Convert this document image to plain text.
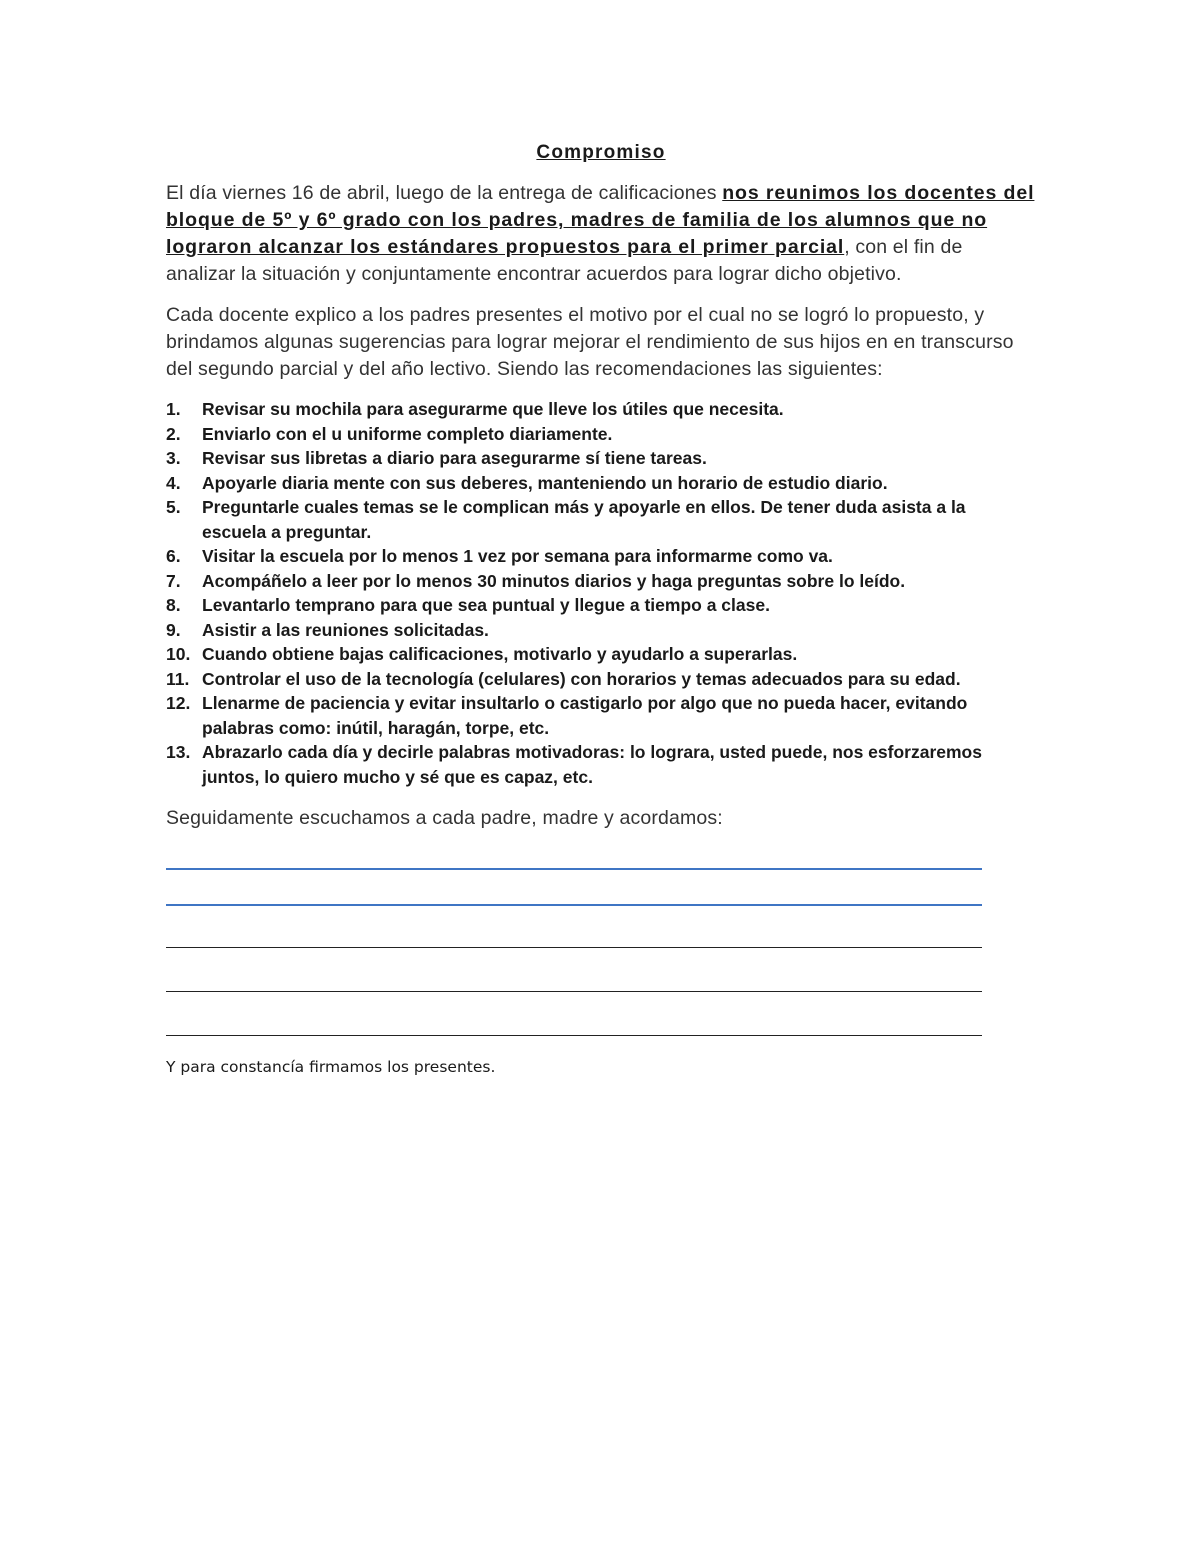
Compromiso

El día viernes 16 de abril, luego de la entrega de calificaciones nos reunimos los docentes del bloque de 5º y 6º grado con los padres, madres de familia de los alumnos que no lograron alcanzar los estándares propuestos para el primer parcial, con el fin de analizar la situación y conjuntamente encontrar acuerdos para lograr dicho objetivo.

Cada docente explico a los padres presentes el motivo por el cual no se logró lo propuesto, y brindamos algunas sugerencias para lograr mejorar el rendimiento de sus hijos en en transcurso del segundo parcial y del año lectivo. Siendo las recomendaciones las siguientes:

1.	Revisar su mochila para asegurarme que lleve los útiles que necesita.
2.	Enviarlo con el u uniforme completo diariamente.
3.	Revisar sus libretas a diario para asegurarme sí tiene tareas.
4.	Apoyarle diaria mente con sus deberes, manteniendo un horario de estudio diario.
5.	Preguntarle cuales temas se le complican más y apoyarle en ellos. De tener duda asista a la escuela a preguntar.
6.	Visitar la escuela por lo menos 1 vez por semana para informarme como va.
7.	Acompáñelo a leer por lo menos 30 minutos diarios y haga preguntas sobre lo leído.
8.	Levantarlo temprano para que sea puntual y llegue a tiempo a clase.
9.	Asistir a las reuniones solicitadas.
10. Cuando obtiene bajas calificaciones, motivarlo y ayudarlo a superarlas.
11. Controlar el uso de la tecnología (celulares) con horarios y temas adecuados para su edad.
12. Llenarme de paciencia y evitar insultarlo o castigarlo por algo que no pueda hacer, evitando palabras como: inútil, haragán, torpe, etc.
13. Abrazarlo cada día y decirle palabras motivadoras: lo lograra, usted puede, nos esforzaremos juntos, lo quiero mucho y sé que es capaz, etc.

Seguidamente escuchamos a cada padre, madre y acordamos:

Y para constancía firmamos los presentes.
